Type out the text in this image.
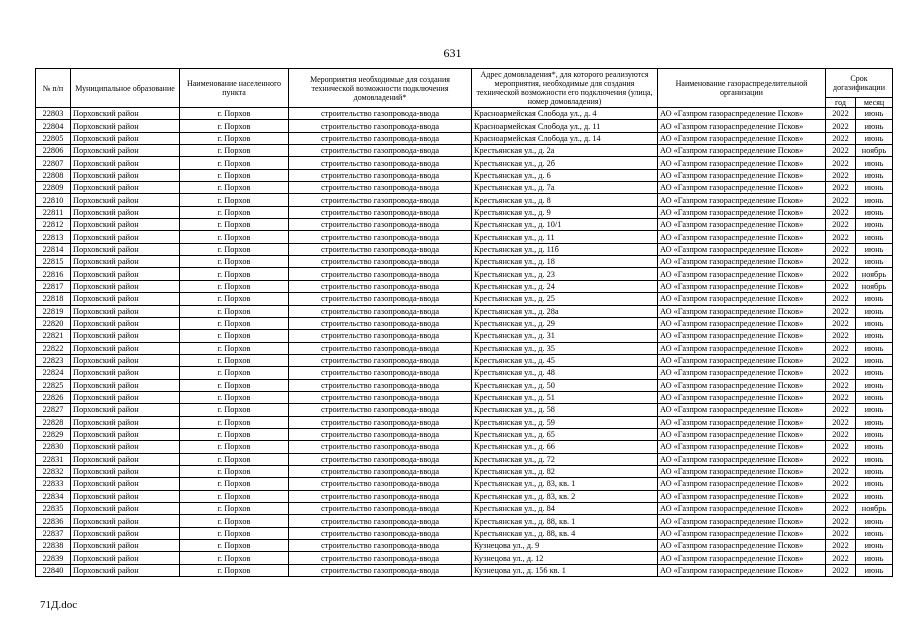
631
№ п/п	Муниципальное образование	Наименование населенного пункта	Мероприятия необходимые для создания технической возможности подключения домовладений*	Адрес домовладения*, для которого реализуются мероприятия, необходимые для создания технической возможности его подключения (улица, номер домовладения)	Наименование газораспределительной организации	Срок догазификации	
						год	месяц
22803	Порховский район	г. Порхов	строительство газопровода-ввода	Красноармейская Слобода ул., д. 4	АО «Газпром газораспределение Псков»	2022	июнь
22804	Порховский район	г. Порхов	строительство газопровода-ввода	Красноармейская Слобода ул., д. 11	АО «Газпром газораспределение Псков»	2022	июнь
22805	Порховский район	г. Порхов	строительство газопровода-ввода	Красноармейская Слобода ул., д. 14	АО «Газпром газораспределение Псков»	2022	июнь
22806	Порховский район	г. Порхов	строительство газопровода-ввода	Крестьянская ул., д. 2а	АО «Газпром газораспределение Псков»	2022	ноябрь
22807	Порховский район	г. Порхов	строительство газопровода-ввода	Крестьянская ул., д. 2б	АО «Газпром газораспределение Псков»	2022	июнь
22808	Порховский район	г. Порхов	строительство газопровода-ввода	Крестьянская ул., д. 6	АО «Газпром газораспределение Псков»	2022	июнь
22809	Порховский район	г. Порхов	строительство газопровода-ввода	Крестьянская ул., д. 7а	АО «Газпром газораспределение Псков»	2022	июнь
22810	Порховский район	г. Порхов	строительство газопровода-ввода	Крестьянская ул., д. 8	АО «Газпром газораспределение Псков»	2022	июнь
22811	Порховский район	г. Порхов	строительство газопровода-ввода	Крестьянская ул., д. 9	АО «Газпром газораспределение Псков»	2022	июнь
22812	Порховский район	г. Порхов	строительство газопровода-ввода	Крестьянская ул., д. 10/1	АО «Газпром газораспределение Псков»	2022	июнь
22813	Порховский район	г. Порхов	строительство газопровода-ввода	Крестьянская ул., д. 11	АО «Газпром газораспределение Псков»	2022	июнь
22814	Порховский район	г. Порхов	строительство газопровода-ввода	Крестьянская ул., д. 11б	АО «Газпром газораспределение Псков»	2022	июнь
22815	Порховский район	г. Порхов	строительство газопровода-ввода	Крестьянская ул., д. 18	АО «Газпром газораспределение Псков»	2022	июнь
22816	Порховский район	г. Порхов	строительство газопровода-ввода	Крестьянская ул., д. 23	АО «Газпром газораспределение Псков»	2022	ноябрь
22817	Порховский район	г. Порхов	строительство газопровода-ввода	Крестьянская ул., д. 24	АО «Газпром газораспределение Псков»	2022	ноябрь
22818	Порховский район	г. Порхов	строительство газопровода-ввода	Крестьянская ул., д. 25	АО «Газпром газораспределение Псков»	2022	июнь
22819	Порховский район	г. Порхов	строительство газопровода-ввода	Крестьянская ул., д. 28а	АО «Газпром газораспределение Псков»	2022	июнь
22820	Порховский район	г. Порхов	строительство газопровода-ввода	Крестьянская ул., д. 29	АО «Газпром газораспределение Псков»	2022	июнь
22821	Порховский район	г. Порхов	строительство газопровода-ввода	Крестьянская ул., д. 31	АО «Газпром газораспределение Псков»	2022	июнь
22822	Порховский район	г. Порхов	строительство газопровода-ввода	Крестьянская ул., д. 35	АО «Газпром газораспределение Псков»	2022	июнь
22823	Порховский район	г. Порхов	строительство газопровода-ввода	Крестьянская ул., д. 45	АО «Газпром газораспределение Псков»	2022	июнь
22824	Порховский район	г. Порхов	строительство газопровода-ввода	Крестьянская ул., д. 48	АО «Газпром газораспределение Псков»	2022	июнь
22825	Порховский район	г. Порхов	строительство газопровода-ввода	Крестьянская ул., д. 50	АО «Газпром газораспределение Псков»	2022	июнь
22826	Порховский район	г. Порхов	строительство газопровода-ввода	Крестьянская ул., д. 51	АО «Газпром газораспределение Псков»	2022	июнь
22827	Порховский район	г. Порхов	строительство газопровода-ввода	Крестьянская ул., д. 58	АО «Газпром газораспределение Псков»	2022	июнь
22828	Порховский район	г. Порхов	строительство газопровода-ввода	Крестьянская ул., д. 59	АО «Газпром газораспределение Псков»	2022	июнь
22829	Порховский район	г. Порхов	строительство газопровода-ввода	Крестьянская ул., д. 65	АО «Газпром газораспределение Псков»	2022	июнь
22830	Порховский район	г. Порхов	строительство газопровода-ввода	Крестьянская ул., д. 66	АО «Газпром газораспределение Псков»	2022	июнь
22831	Порховский район	г. Порхов	строительство газопровода-ввода	Крестьянская ул., д. 72	АО «Газпром газораспределение Псков»	2022	июнь
22832	Порховский район	г. Порхов	строительство газопровода-ввода	Крестьянская ул., д. 82	АО «Газпром газораспределение Псков»	2022	июнь
22833	Порховский район	г. Порхов	строительство газопровода-ввода	Крестьянская ул., д. 83, кв. 1	АО «Газпром газораспределение Псков»	2022	июнь
22834	Порховский район	г. Порхов	строительство газопровода-ввода	Крестьянская ул., д. 83, кв. 2	АО «Газпром газораспределение Псков»	2022	июнь
22835	Порховский район	г. Порхов	строительство газопровода-ввода	Крестьянская ул., д. 84	АО «Газпром газораспределение Псков»	2022	ноябрь
22836	Порховский район	г. Порхов	строительство газопровода-ввода	Крестьянская ул., д. 88, кв. 1	АО «Газпром газораспределение Псков»	2022	июнь
22837	Порховский район	г. Порхов	строительство газопровода-ввода	Крестьянская ул., д. 88, кв. 4	АО «Газпром газораспределение Псков»	2022	июнь
22838	Порховский район	г. Порхов	строительство газопровода-ввода	Кузнецова ул., д. 9	АО «Газпром газораспределение Псков»	2022	июнь
22839	Порховский район	г. Порхов	строительство газопровода-ввода	Кузнецова ул., д. 12	АО «Газпром газораспределение Псков»	2022	июнь
22840	Порховский район	г. Порхов	строительство газопровода-ввода	Кузнецова ул., д. 156 кв. 1	АО «Газпром газораспределение Псков»	2022	июнь
71Д.doc
